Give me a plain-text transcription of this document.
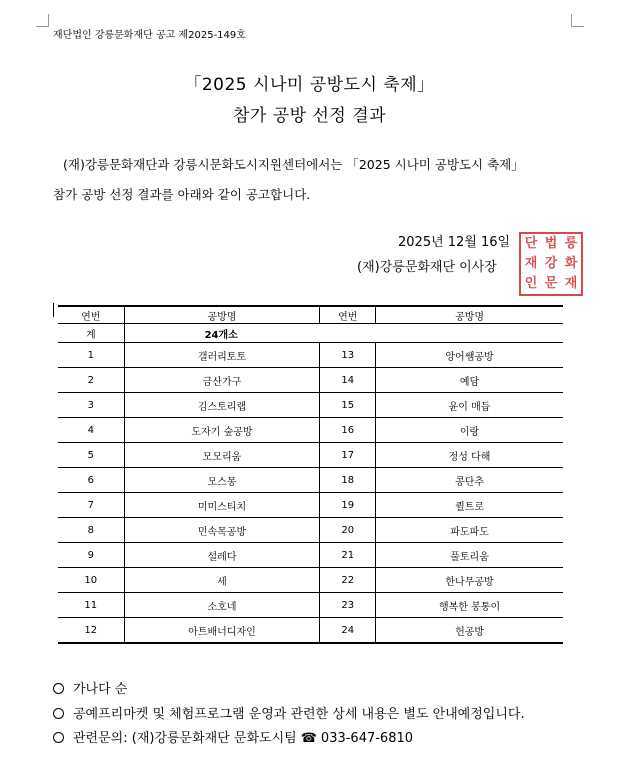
재단법인 강릉문화재단 공고 제2025-149호
「2025 시나미 공방도시 축제」
참가 공방 선정 결과
(재)강릉문화재단과 강릉시문화도시지원센터에서는 「2025 시나미 공방도시 축제」
참가 공방 선정 결과를 아래와 같이 공고합니다.
2025년 12월 16일
(재)강릉문화재단 이사장
단 법 릉
재 강 화
인 문 재
연번	공방명	연번	공방명
계	24개소		
1	갤러리토토	13	앙어쌤공방
2	금산가구	14	예담
3	김스토리랩	15	윤이 매듭
4	도자기 숲공방	16	이랑
5	모모리움	17	정성 다해
6	모스몽	18	콩단추
7	미미스티치	19	퀼트로
8	민속목공방	20	파도파도
9	설레다	21	풀토리움
10	세	22	한나무공방
11	소호네	23	행복한 봉통이
12	아트배너디자인	24	헌공방
가나다 순
공예프리마켓 및 체험프로그램 운영과 관련한 상세 내용은 별도 안내예정입니다.
관련문의: (재)강릉문화재단 문화도시팀 ☎ 033-647-6810
